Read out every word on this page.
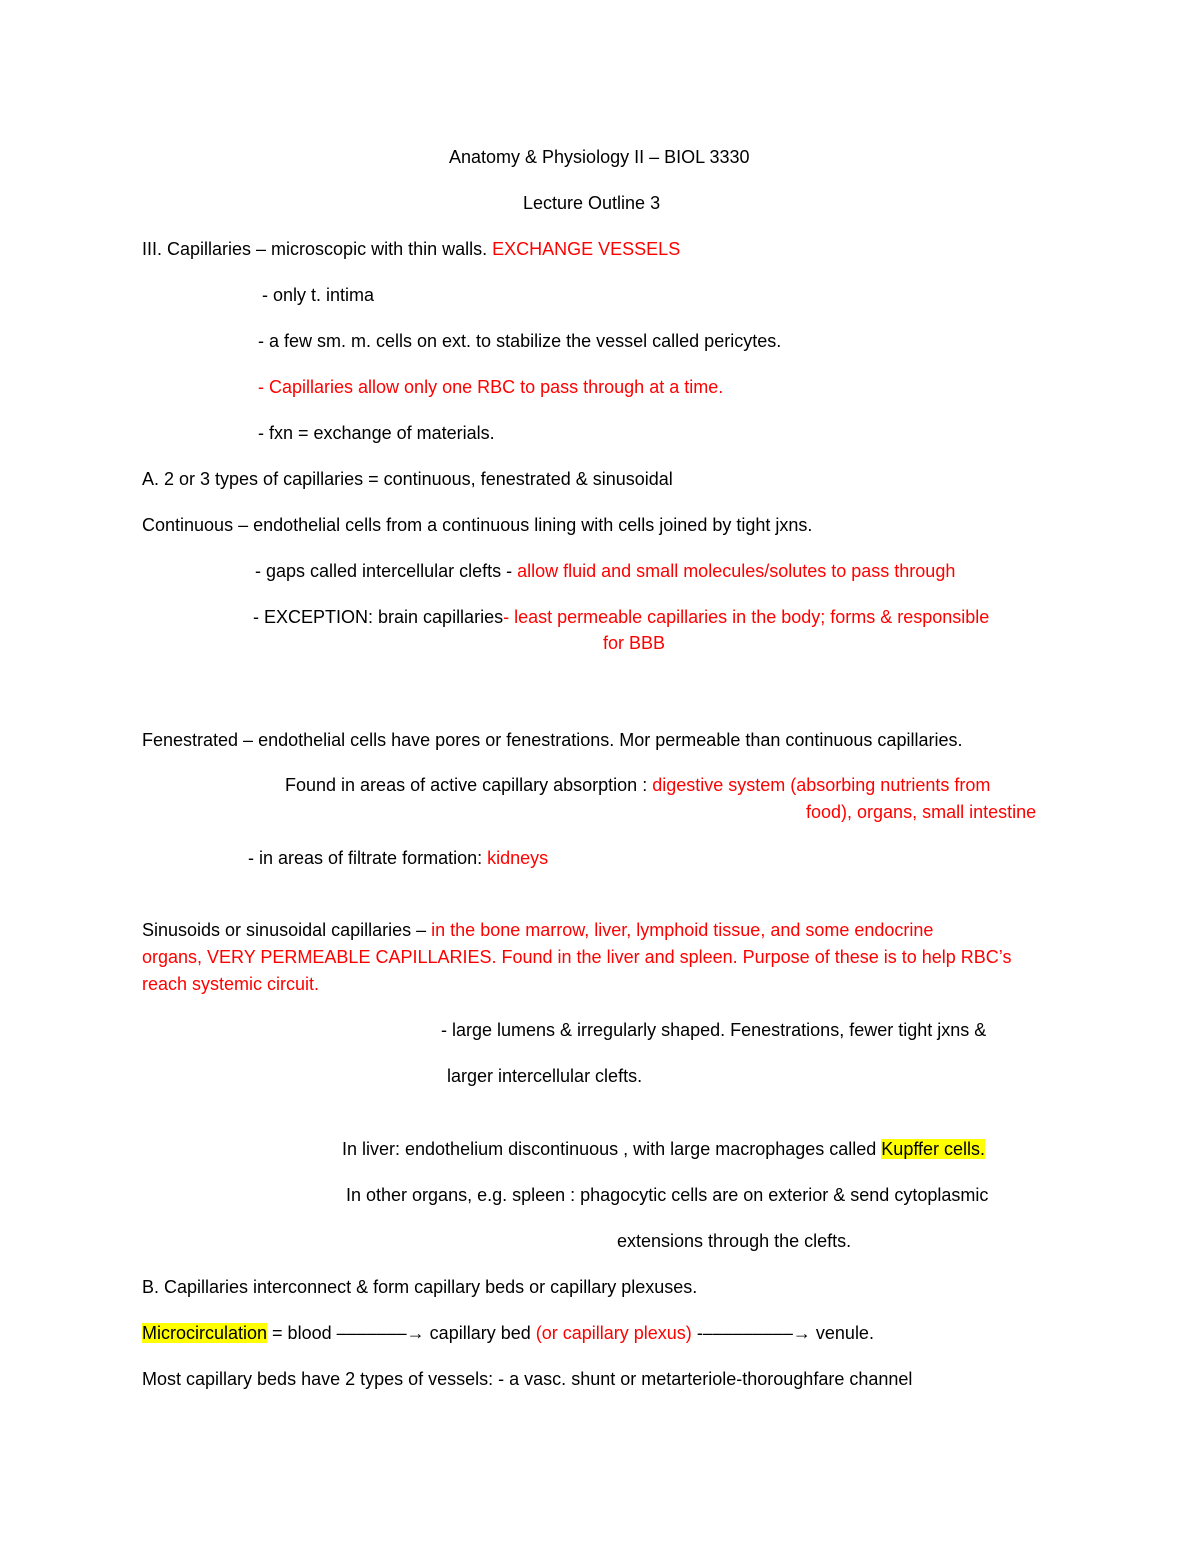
Anatomy & Physiology II – BIOL 3330
Lecture Outline 3
III. Capillaries – microscopic with thin walls. EXCHANGE VESSELS
- only t. intima
- a few sm. m. cells on ext. to stabilize the vessel called pericytes.
- Capillaries allow only one RBC to pass through at a time.
- fxn = exchange of materials.
A. 2 or 3 types of capillaries = continuous, fenestrated & sinusoidal
Continuous – endothelial cells from a continuous lining with cells joined by tight jxns.
- gaps called intercellular clefts - allow fluid and small molecules/solutes to pass through
- EXCEPTION: brain capillaries- least permeable capillaries in the body; forms & responsible
for BBB
Fenestrated – endothelial cells have pores or fenestrations. Mor permeable than continuous capillaries.
Found in areas of active capillary absorption : digestive system (absorbing nutrients from
food), organs, small intestine
- in areas of filtrate formation: kidneys
Sinusoids or sinusoidal capillaries – in the bone marrow, liver, lymphoid tissue, and some endocrine
organs, VERY PERMEABLE CAPILLARIES. Found in the liver and spleen. Purpose of these is to help RBC’s
reach systemic circuit.
- large lumens & irregularly shaped. Fenestrations, fewer tight jxns &
larger intercellular clefts.
In liver: endothelium discontinuous , with large macrophages called Kupffer cells.
In other organs, e.g. spleen : phagocytic cells are on exterior & send cytoplasmic
extensions through the clefts.
B. Capillaries interconnect & form capillary beds or capillary plexuses.
Microcirculation = blood –––––––→ capillary bed (or capillary plexus) -–––––––––→ venule.
Most capillary beds have 2 types of vessels: - a vasc. shunt or metarteriole-thoroughfare channel
